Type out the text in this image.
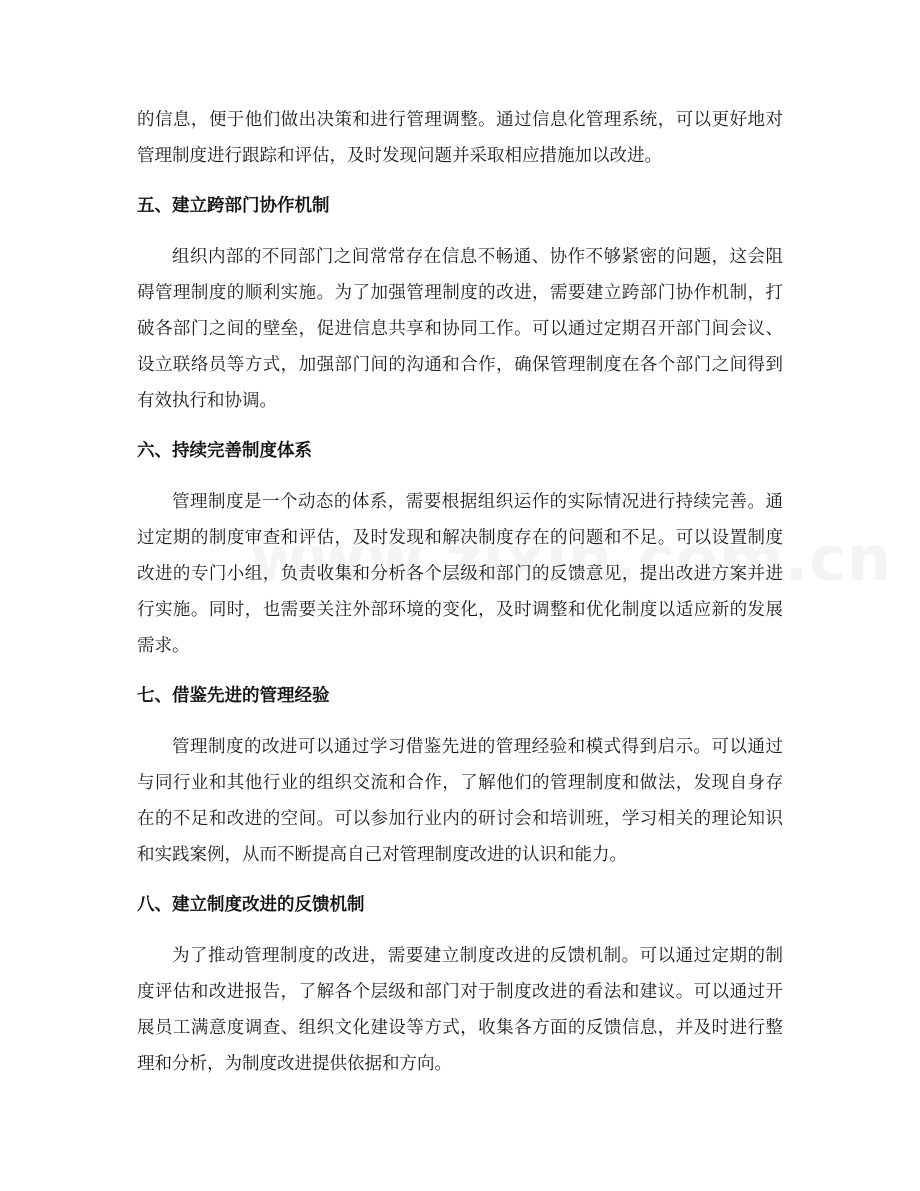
的信息，便于他们做出决策和进行管理调整。通过信息化管理系统，可以更好地对
管理制度进行跟踪和评估，及时发现问题并采取相应措施加以改进。
五、建立跨部门协作机制
组织内部的不同部门之间常常存在信息不畅通、协作不够紧密的问题，这会阻
碍管理制度的顺利实施。为了加强管理制度的改进，需要建立跨部门协作机制，打
破各部门之间的壁垒，促进信息共享和协同工作。可以通过定期召开部门间会议、
设立联络员等方式，加强部门间的沟通和合作，确保管理制度在各个部门之间得到
有效执行和协调。
六、持续完善制度体系
管理制度是一个动态的体系，需要根据组织运作的实际情况进行持续完善。通
过定期的制度审查和评估，及时发现和解决制度存在的问题和不足。可以设置制度
改进的专门小组，负责收集和分析各个层级和部门的反馈意见，提出改进方案并进
行实施。同时，也需要关注外部环境的变化，及时调整和优化制度以适应新的发展
需求。
七、借鉴先进的管理经验
管理制度的改进可以通过学习借鉴先进的管理经验和模式得到启示。可以通过
与同行业和其他行业的组织交流和合作，了解他们的管理制度和做法，发现自身存
在的不足和改进的空间。可以参加行业内的研讨会和培训班，学习相关的理论知识
和实践案例，从而不断提高自己对管理制度改进的认识和能力。
八、建立制度改进的反馈机制
为了推动管理制度的改进，需要建立制度改进的反馈机制。可以通过定期的制
度评估和改进报告，了解各个层级和部门对于制度改进的看法和建议。可以通过开
展员工满意度调查、组织文化建设等方式，收集各方面的反馈信息，并及时进行整
理和分析，为制度改进提供依据和方向。
